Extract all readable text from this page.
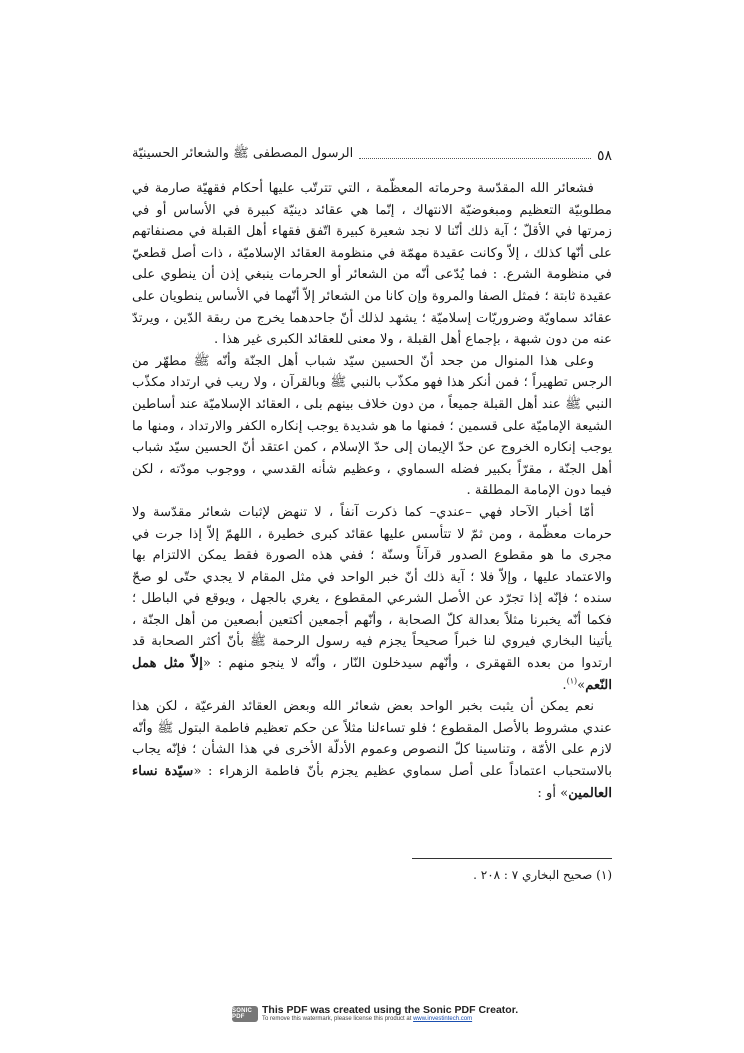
٥٨
الرسول المصطفى ﷺ والشعائر الحسينيّة

فشعائر الله المقدّسة وحرماته المعظّمة ، التي تترتّب عليها أحكام فقهيّة صارمة في مطلوبيّة التعظيم ومبغوضيّة الانتهاك ، إنّما هي عقائد دينيّة كبيرة في الأساس أو في زمرتها في الأقلّ ؛ آية ذلك أنّنا لا نجد شعيرة كبيرة اتّفق فقهاء أهل القبلة في مصنفاتهم على أنّها كذلك ، إلاّ وكانت عقيدة مهمّة في منظومة العقائد الإسلاميّة ، ذات أصل قطعيّ في منظومة الشرع. : فما يُدّعى أنّه من الشعائر أو الحرمات ينبغي إذن أن ينطوي على عقيدة ثابتة ؛ فمثل الصفا والمروة وإن كانا من الشعائر إلاّ أنّهما في الأساس ينطويان على عقائد سماويّة وضروريّات إسلاميّة ؛ يشهد لذلك أنّ جاحدهما يخرج من ربقة الدّين ، ويرتدّ عنه من دون شبهة ، بإجماع أهل القبلة ، ولا معنى للعقائد الكبرى غير هذا .

وعلى هذا المنوال من جحد أنّ الحسين سيّد شباب أهل الجنّة وأنّه ﷺ مطهّر من الرجس تطهيراً ؛ فمن أنكر هذا فهو مكذّب بالنبي ﷺ وبالقرآن ، ولا ريب في ارتداد مكذّب النبي ﷺ عند أهل القبلة جميعاً ، من دون خلاف بينهم بلى ، العقائد الإسلاميّة عند أساطين الشيعة الإماميّة على قسمين ؛ فمنها ما هو شديدة يوجب إنكاره الكفر والارتداد ، ومنها ما يوجب إنكاره الخروج عن حدّ الإيمان إلى حدّ الإسلام ، كمن اعتقد أنّ الحسين سيّد شباب أهل الجنّة ، مقرّاً بكبير فضله السماوي ، وعظيم شأنه القدسي ، ووجوب مودّته ، لكن فيما دون الإمامة المطلقة .

أمّا أخبار الآحاد فهي –عندي– كما ذكرت آنفاً ، لا تنهض لإثبات شعائر مقدّسة ولا حرمات معظّمة ، ومن ثمّ لا تتأسس عليها عقائد كبرى خطيرة ، اللهمّ إلاّ إذا جرت في مجرى ما هو مقطوع الصدور قرآناً وسنّة ؛ ففي هذه الصورة فقط يمكن الالتزام بها والاعتماد عليها ، وإلاّ فلا ؛ آية ذلك أنّ خبر الواحد في مثل المقام لا يجدي حتّى لو صحّ سنده ؛ فإنّه إذا تجرّد عن الأصل الشرعي المقطوع ، يغري بالجهل ، ويوقع في الباطل ؛ فكما أنّه يخبرنا مثلاً بعدالة كلّ الصحابة ، وأنّهم أجمعين أكتعين أبصعين من أهل الجنّة ، يأتينا البخاري فيروي لنا خبراً صحيحاً يجزم فيه رسول الرحمة ﷺ بأنّ أكثر الصحابة قد ارتدوا من بعده القهقرى ، وأنّهم سيدخلون النّار ، وأنّه لا ينجو منهم : «إلاّ مثل همل النّعم»$^{(١)}$.

نعم يمكن أن يثبت بخبر الواحد بعض شعائر الله وبعض العقائد الفرعيّة ، لكن هذا عندي مشروط بالأصل المقطوع ؛ فلو تساءلنا مثلاً عن حكم تعظيم فاطمة البتول ﷺ وأنّه لازم على الأمّة ، وتناسينا كلّ النصوص وعموم الأدلّة الأخرى في هذا الشأن ؛ فإنّه يجاب بالاستحباب اعتماداً على أصل سماوي عظيم يجزم بأنّ فاطمة الزهراء : «سيّدة نساء العالمين» أو :

(١) صحيح البخاري ٧ : ٢٠٨ .
SONIC PDF
This PDF was created using the Sonic PDF Creator.
To remove this watermark, please license this product at www.investintech.com
